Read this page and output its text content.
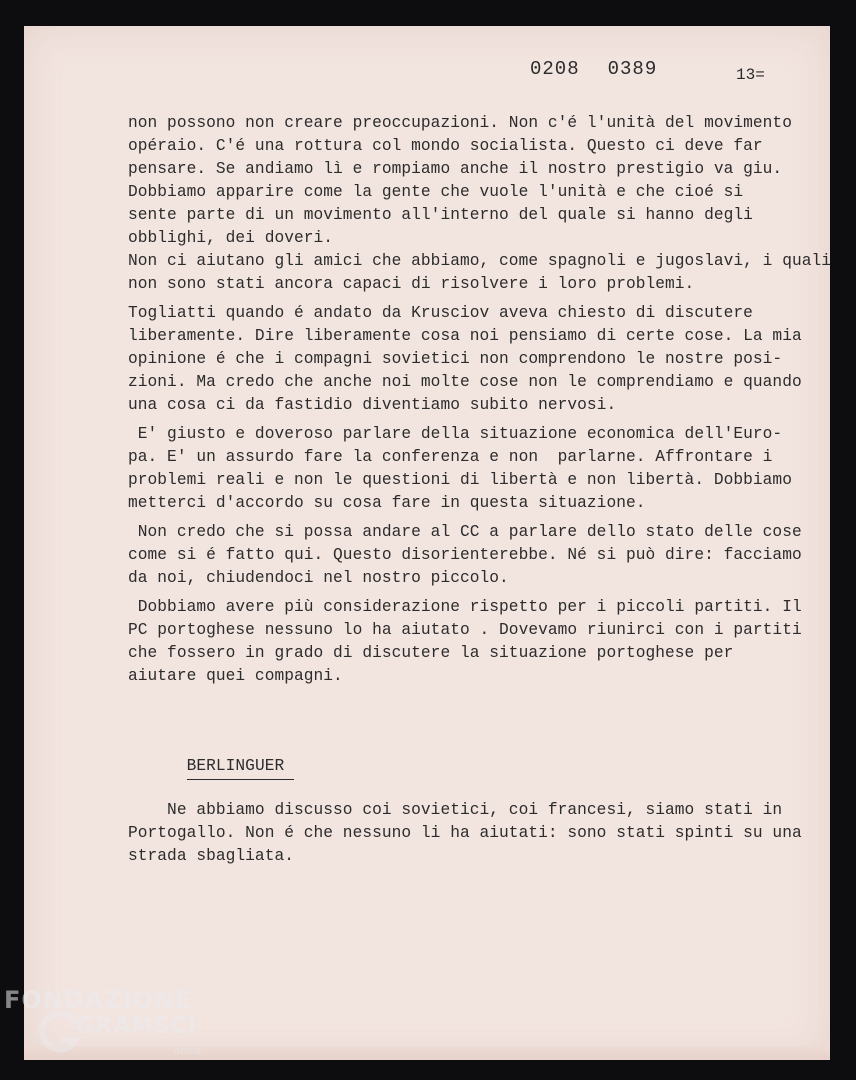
0208 0389	13=
non possono non creare preoccupazioni. Non c'é l'unità del movimento
opéraio. C'é una rottura col mondo socialista. Questo ci deve far
pensare. Se andiamo lì e rompiamo anche il nostro prestigio va giu.
Dobbiamo apparire come la gente che vuole l'unità e che cioé si
sente parte di un movimento all'interno del quale si hanno degli
obblighi, dei doveri.
Non ci aiutano gli amici che abbiamo, come spagnoli e jugoslavi, i quali
non sono stati ancora capaci di risolvere i loro problemi.
Togliatti quando é andato da Krusciov aveva chiesto di discutere
liberamente. Dire liberamente cosa noi pensiamo di certe cose. La mia
opinione é che i compagni sovietici non comprendono le nostre posi-
zioni. Ma credo che anche noi molte cose non le comprendiamo e quando
una cosa ci da fastidio diventiamo subito nervosi.
E' giusto e doveroso parlare della situazione economica dell'Euro-
pa. E' un assurdo fare la conferenza e non  parlarne. Affrontare i
problemi reali e non le questioni di libertà e non libertà. Dobbiamo
metterci d'accordo su cosa fare in questa situazione.
Non credo che si possa andare al CC a parlare dello stato delle cose
come si é fatto qui. Questo disorienterebbe. Né si può dire: facciamo
da noi, chiudendoci nel nostro piccolo.
Dobbiamo avere più considerazione rispetto per i piccoli partiti. Il
PC portoghese nessuno lo ha aiutato . Dovevamo riunirci con i partiti
che fossero in grado di discutere la situazione portoghese per
aiutare quei compagni.

BERLINGUER

Ne abbiamo discusso coi sovietici, coi francesi, siamo stati in
Portogallo. Non é che nessuno li ha aiutati: sono stati spinti su una
strada sbagliata.
FONDAZIONE
GRAMSCI
onlus
